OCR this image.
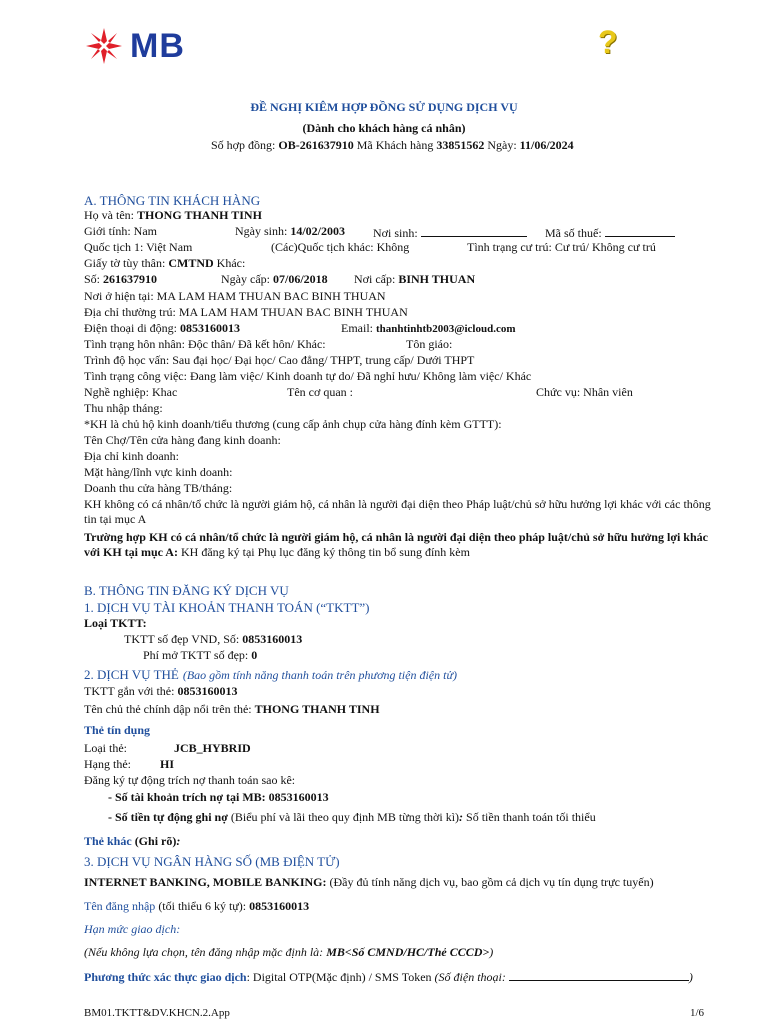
MB	?
ĐỀ NGHỊ KIÊM HỢP ĐỒNG SỬ DỤNG DỊCH VỤ
(Dành cho khách hàng cá nhân)
Số hợp đồng: OB-261637910 Mã Khách hàng 33851562 Ngày: 11/06/2024
A. THÔNG TIN KHÁCH HÀNG
Họ và tên: THONG THANH TINH
Giới tính: Nam	Ngày sinh: 14/02/2003 Nơi sinh:	Mã số thuế:
Quốc tịch 1: Việt Nam	(Các)Quốc tịch khác: Không	Tình trạng cư trú: Cư trú/ Không cư trú
Giấy tờ tùy thân: CMTND Khác:
Số: 261637910	Ngày cấp: 07/06/2018 Nơi cấp: BINH THUAN
Nơi ở hiện tại: MA LAM HAM THUAN BAC BINH THUAN
Địa chỉ thường trú: MA LAM HAM THUAN BAC BINH THUAN
Điện thoại di động: 0853160013	Email: thanhtinhtb2003@icloud.com
Tình trạng hôn nhân: Độc thân/ Đã kết hôn/ Khác:	Tôn giáo:
Trình độ học vấn: Sau đại học/ Đại học/ Cao đẳng/ THPT, trung cấp/ Dưới THPT
Tình trạng công việc: Đang làm việc/ Kinh doanh tự do/ Đã nghỉ hưu/ Không làm việc/ Khác
Nghề nghiệp: Khac	Tên cơ quan :	Chức vụ: Nhân viên
Thu nhập tháng:
*KH là chủ hộ kinh doanh/tiểu thương (cung cấp ảnh chụp cửa hàng đính kèm GTTT):
Tên Chợ/Tên cửa hàng đang kinh doanh:
Địa chỉ kinh doanh:
Mặt hàng/lĩnh vực kinh doanh:
Doanh thu cửa hàng TB/tháng:
KH không có cá nhân/tổ chức là người giám hộ, cá nhân là người đại diện theo Pháp luật/chủ sở hữu hưởng lợi khác với các thông tin tại mục A
Trường hợp KH có cá nhân/tổ chức là người giám hộ, cá nhân là người đại diện theo pháp luật/chủ sở hữu hưởng lợi khác với KH tại mục A: KH đăng ký tại Phụ lục đăng ký thông tin bổ sung đính kèm
B. THÔNG TIN ĐĂNG KÝ DỊCH VỤ
1. DỊCH VỤ TÀI KHOẢN THANH TOÁN (“TKTT”)
Loại TKTT:
TKTT số đẹp VND, Số: 0853160013
Phí mở TKTT số đẹp: 0
2. DỊCH VỤ THẺ (Bao gồm tính năng thanh toán trên phương tiện điện tử)
TKTT gắn với thẻ: 0853160013
Tên chủ thẻ chính dập nổi trên thẻ: THONG THANH TINH
Thẻ tín dụng
Loại thẻ:	JCB_HYBRID
Hạng thẻ: HI
Đăng ký tự động trích nợ thanh toán sao kê:
- Số tài khoản trích nợ tại MB: 0853160013
- Số tiền tự động ghi nợ (Biểu phí và lãi theo quy định MB từng thời kì): Số tiền thanh toán tối thiểu
Thẻ khác (Ghi rõ):
3. DỊCH VỤ NGÂN HÀNG SỐ (MB ĐIỆN TỬ)
INTERNET BANKING, MOBILE BANKING: (Đầy đủ tính năng dịch vụ, bao gồm cả dịch vụ tín dụng trực tuyến)
Tên đăng nhập (tối thiểu 6 ký tự): 0853160013
Hạn mức giao dịch:
(Nếu không lựa chọn, tên đăng nhập mặc định là: MB<Số CMND/HC/Thẻ CCCD>)
Phương thức xác thực giao dịch: Digital OTP(Mặc định) / SMS Token (Số điện thoại:	)
BM01.TKTT&DV.KHCN.2.App	1/6
